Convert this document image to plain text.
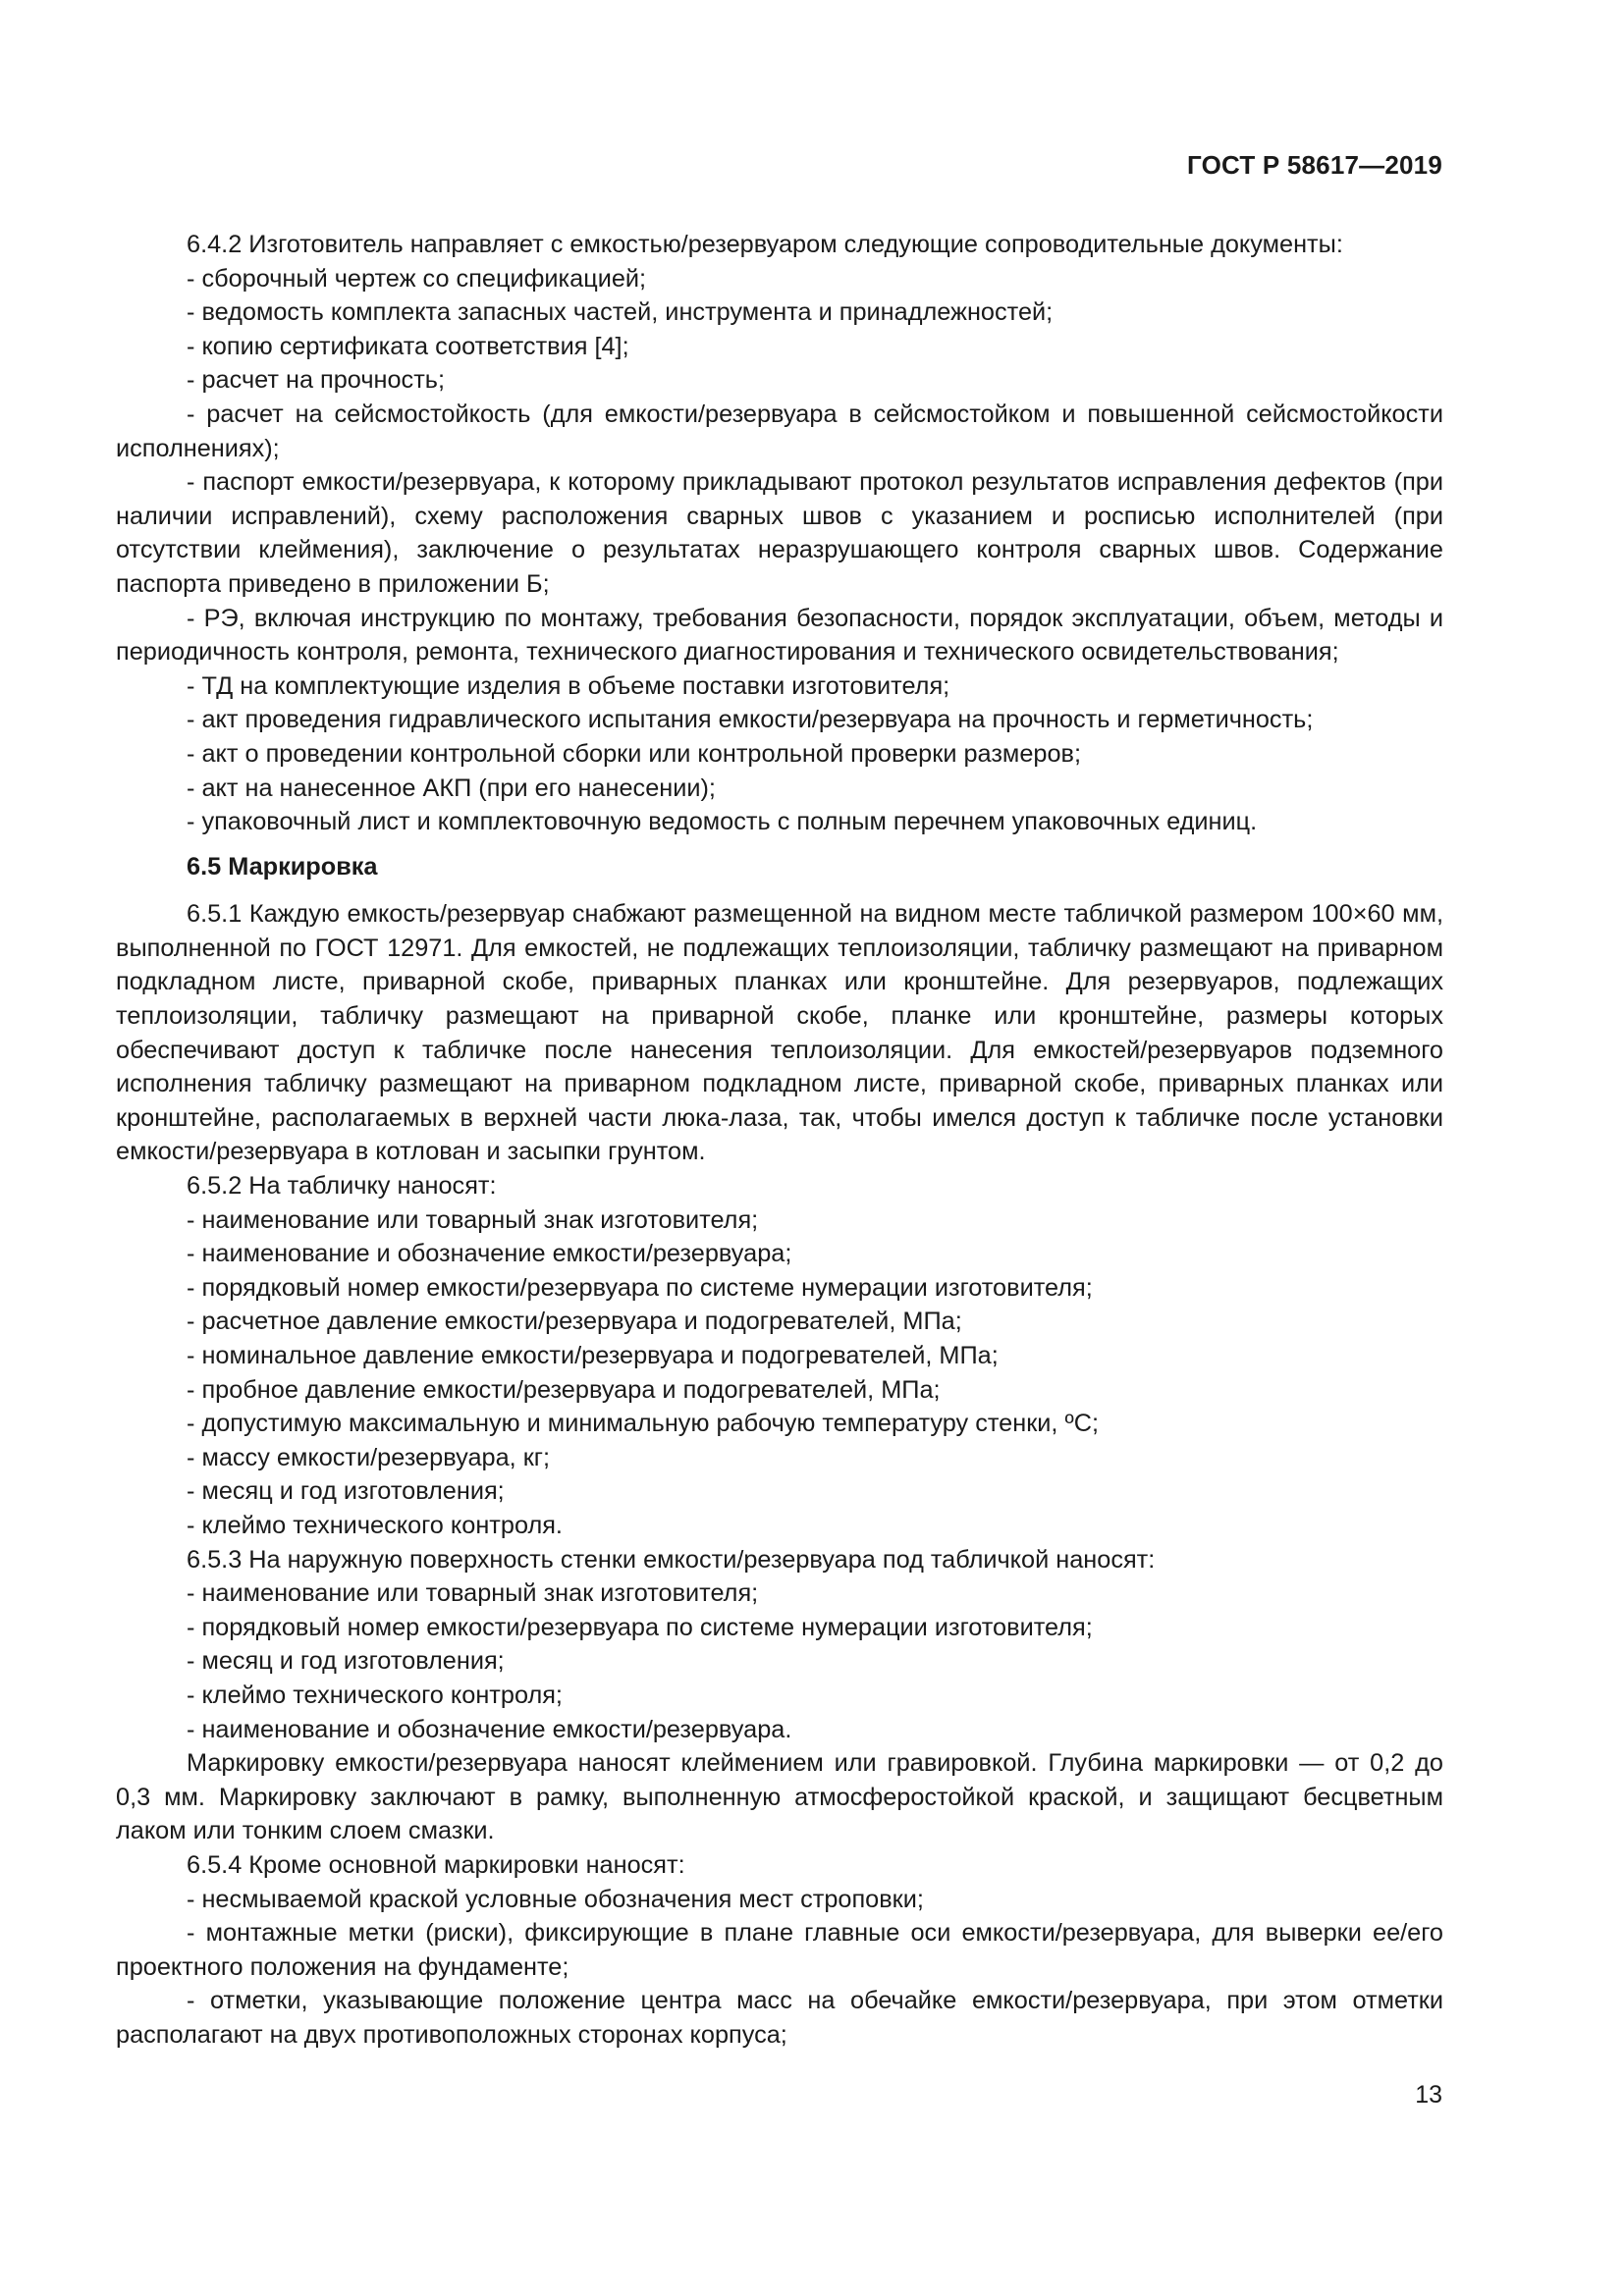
ГОСТ Р 58617—2019

6.4.2 Изготовитель направляет с емкостью/резервуаром следующие сопроводительные документы:

- сборочный чертеж со спецификацией;

- ведомость комплекта запасных частей, инструмента и принадлежностей;

- копию сертификата соответствия [4];

- расчет на прочность;

- расчет на сейсмостойкость (для емкости/резервуара в сейсмостойком и повышенной сейсмостойкости исполнениях);

- паспорт емкости/резервуара, к которому прикладывают протокол результатов исправления дефектов (при наличии исправлений), схему расположения сварных швов с указанием и росписью исполнителей (при отсутствии клеймения), заключение о результатах неразрушающего контроля сварных швов. Содержание паспорта приведено в приложении Б;

- РЭ, включая инструкцию по монтажу, требования безопасности, порядок эксплуатации, объем, методы и периодичность контроля, ремонта, технического диагностирования и технического освидетельствования;

- ТД на комплектующие изделия в объеме поставки изготовителя;

- акт проведения гидравлического испытания емкости/резервуара на прочность и герметичность;

- акт о проведении контрольной сборки или контрольной проверки размеров;

- акт на нанесенное АКП (при его нанесении);

- упаковочный лист и комплектовочную ведомость с полным перечнем упаковочных единиц.

6.5 Маркировка

6.5.1 Каждую емкость/резервуар снабжают размещенной на видном месте табличкой размером 100×60 мм, выполненной по ГОСТ 12971. Для емкостей, не подлежащих теплоизоляции, табличку размещают на приварном подкладном листе, приварной скобе, приварных планках или кронштейне. Для резервуаров, подлежащих теплоизоляции, табличку размещают на приварной скобе, планке или кронштейне, размеры которых обеспечивают доступ к табличке после нанесения теплоизоляции. Для емкостей/резервуаров подземного исполнения табличку размещают на приварном подкладном листе, приварной скобе, приварных планках или кронштейне, располагаемых в верхней части люка-лаза, так, чтобы имелся доступ к табличке после установки емкости/резервуара в котлован и засыпки грунтом.

6.5.2 На табличку наносят:

- наименование или товарный знак изготовителя;

- наименование и обозначение емкости/резервуара;

- порядковый номер емкости/резервуара по системе нумерации изготовителя;

- расчетное давление емкости/резервуара и подогревателей, МПа;

- номинальное давление емкости/резервуара и подогревателей, МПа;

- пробное давление емкости/резервуара и подогревателей, МПа;

- допустимую максимальную и минимальную рабочую температуру стенки, ºС;

- массу емкости/резервуара, кг;

- месяц и год изготовления;

- клеймо технического контроля.

6.5.3 На наружную поверхность стенки емкости/резервуара под табличкой наносят:

- наименование или товарный знак изготовителя;

- порядковый номер емкости/резервуара по системе нумерации изготовителя;

- месяц и год изготовления;

- клеймо технического контроля;

- наименование и обозначение емкости/резервуара.

Маркировку емкости/резервуара наносят клеймением или гравировкой. Глубина маркировки — от 0,2 до 0,3 мм. Маркировку заключают в рамку, выполненную атмосферостойкой краской, и защищают бесцветным лаком или тонким слоем смазки.

6.5.4 Кроме основной маркировки наносят:

- несмываемой краской условные обозначения мест строповки;

- монтажные метки (риски), фиксирующие в плане главные оси емкости/резервуара, для выверки ее/его проектного положения на фундаменте;

- отметки, указывающие положение центра масс на обечайке емкости/резервуара, при этом отметки располагают на двух противоположных сторонах корпуса;

13
